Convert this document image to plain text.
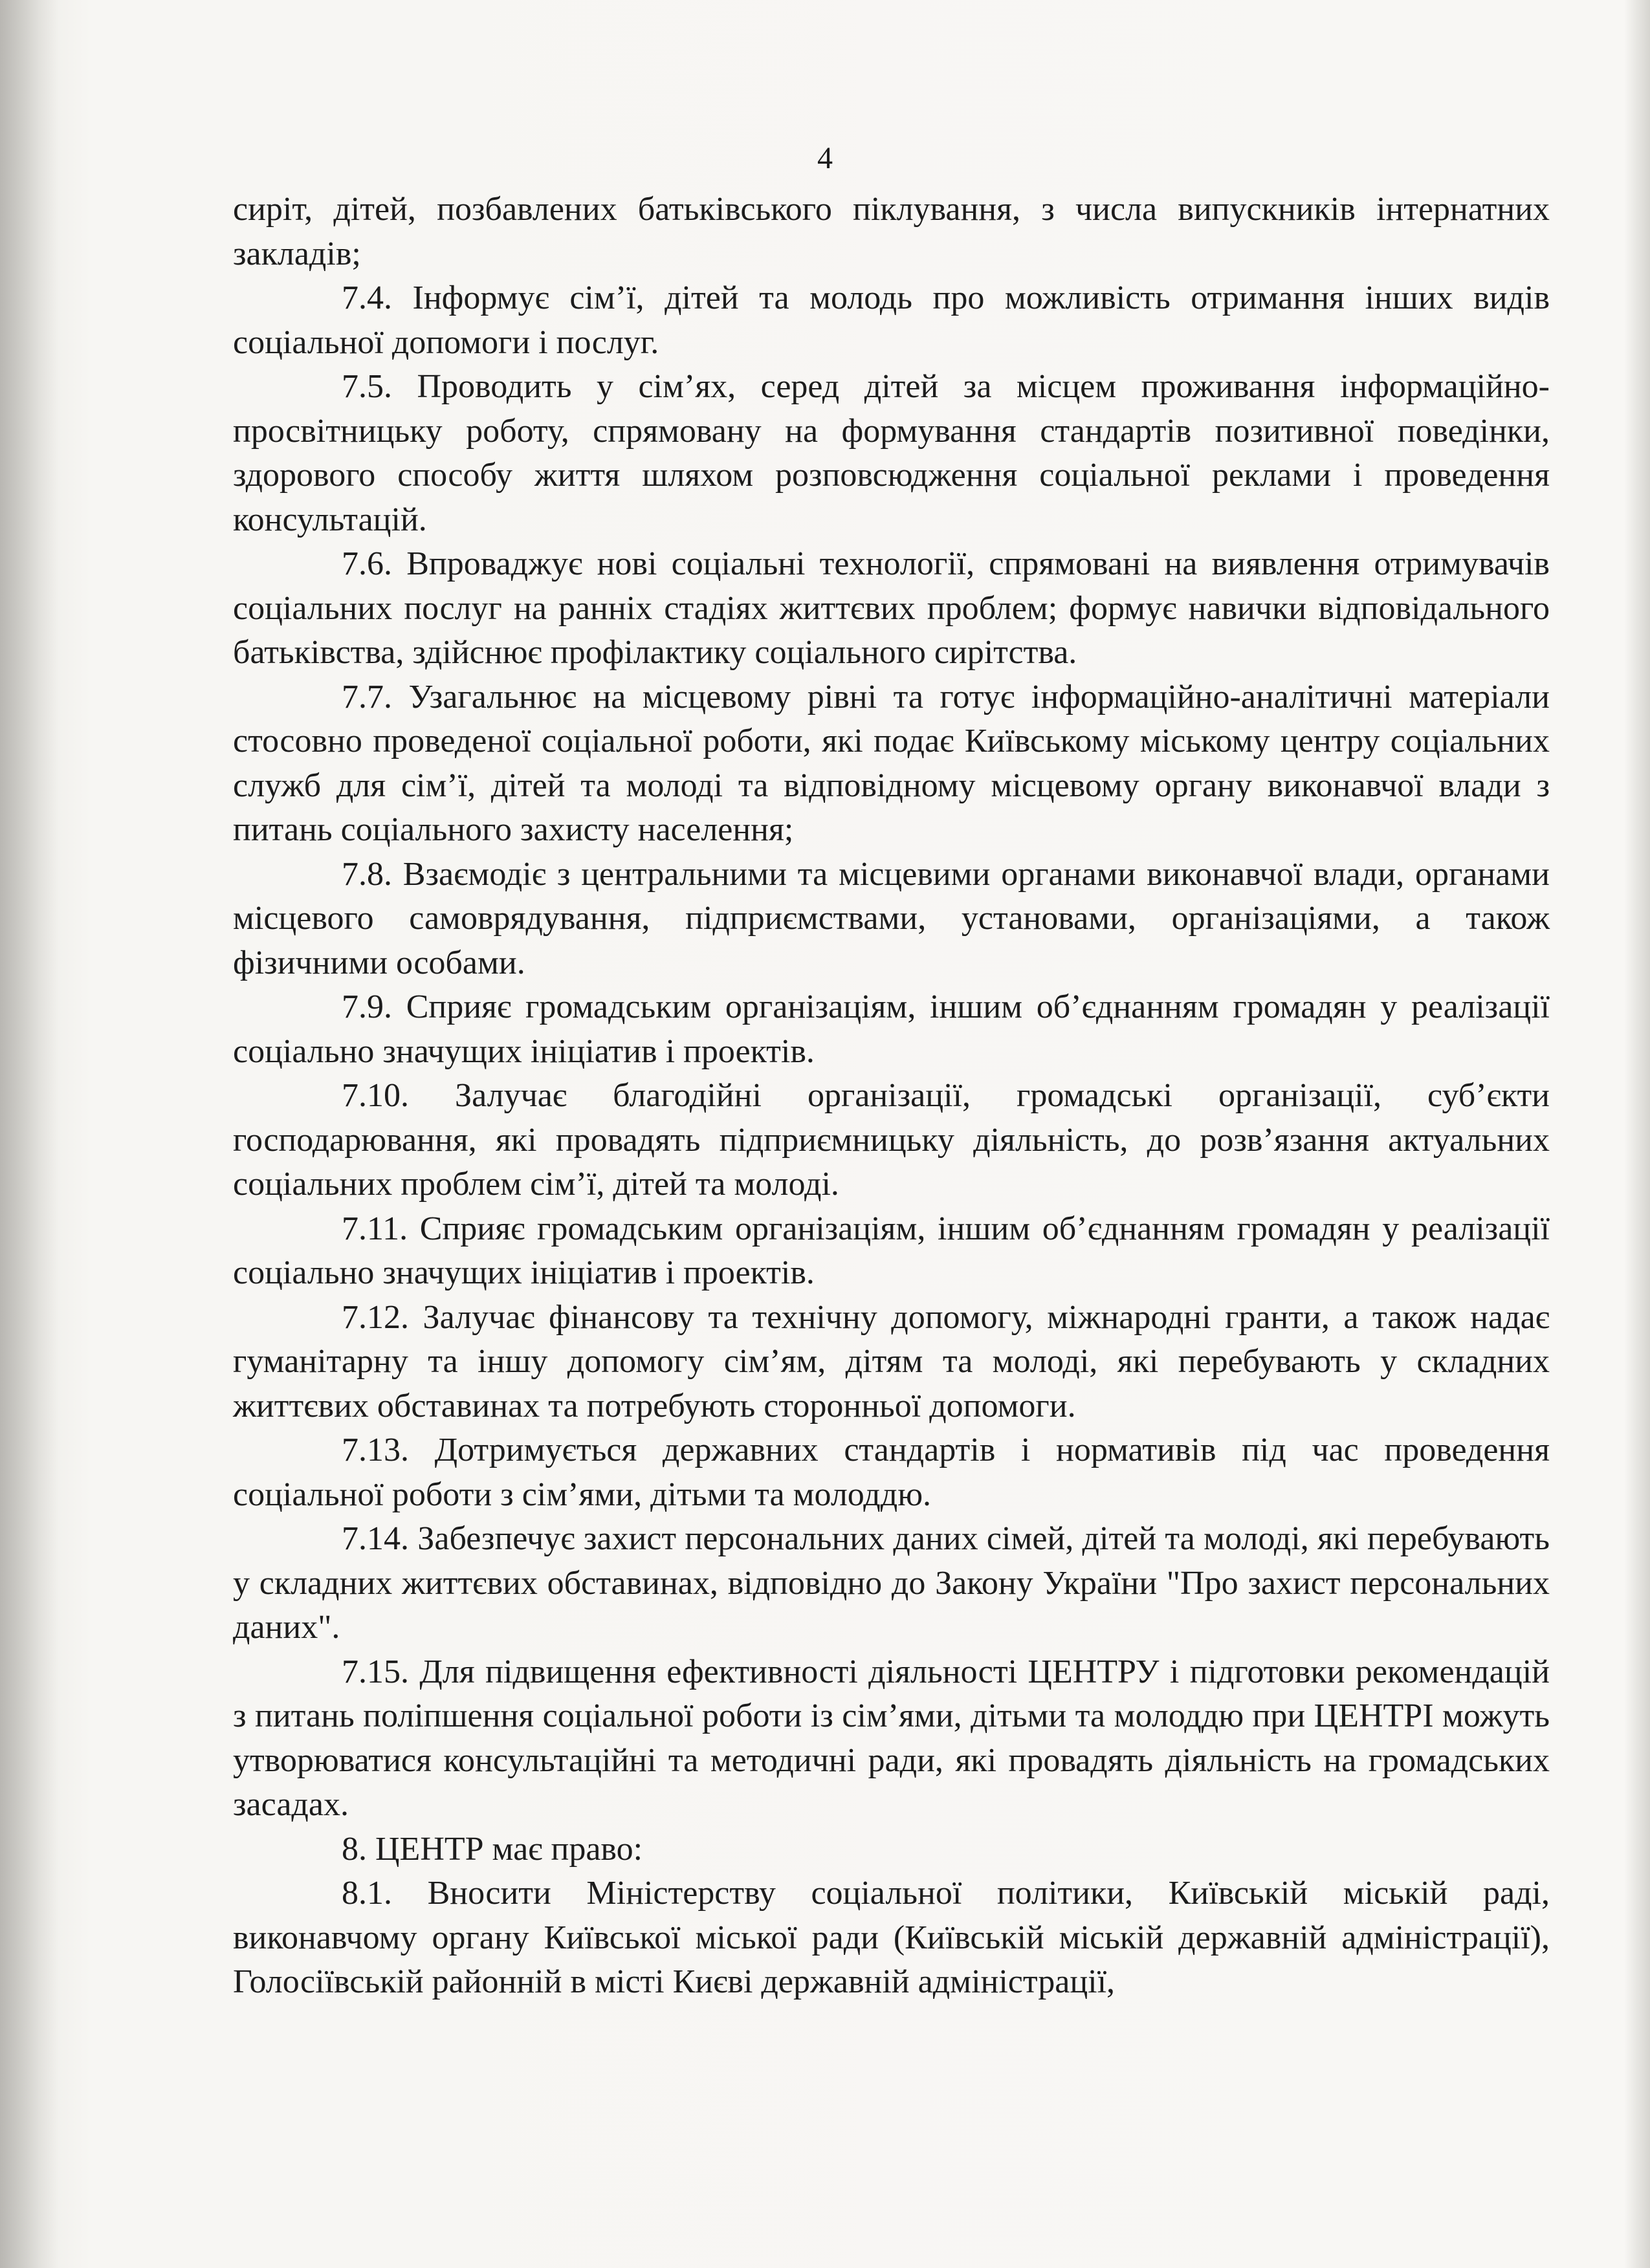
4

сиріт, дітей, позбавлених батьківського піклування, з числа випускників інтернатних закладів;

7.4. Інформує сім’ї, дітей та молодь про можливість отримання інших видів соціальної допомоги і послуг.

7.5. Проводить у сім’ях, серед дітей за місцем проживання інформаційно-просвітницьку роботу, спрямовану на формування стандартів позитивної поведінки, здорового способу життя шляхом розповсюдження соціальної реклами і проведення консультацій.

7.6. Впроваджує нові соціальні технології, спрямовані на виявлення отримувачів соціальних послуг на ранніх стадіях життєвих проблем; формує навички відповідального батьківства, здійснює профілактику соціального сирітства.

7.7. Узагальнює на місцевому рівні та готує інформаційно-аналітичні матеріали стосовно проведеної соціальної роботи, які подає Київському міському центру соціальних служб для сім’ї, дітей та молоді та відповідному місцевому органу виконавчої влади з питань соціального захисту населення;

7.8. Взаємодіє з центральними та місцевими органами виконавчої влади, органами місцевого самоврядування, підприємствами, установами, організаціями, а також фізичними особами.

7.9. Сприяє громадським організаціям, іншим об’єднанням громадян у реалізації соціально значущих ініціатив і проектів.

7.10. Залучає благодійні організації, громадські організації, суб’єкти господарювання, які провадять підприємницьку діяльність, до розв’язання актуальних соціальних проблем сім’ї, дітей та молоді.

7.11. Сприяє громадським організаціям, іншим об’єднанням громадян у реалізації соціально значущих ініціатив і проектів.

7.12. Залучає фінансову та технічну допомогу, міжнародні гранти, а також надає гуманітарну та іншу допомогу сім’ям, дітям та молоді, які перебувають у складних життєвих обставинах та потребують сторонньої допомоги.

7.13. Дотримується державних стандартів і нормативів під час проведення соціальної роботи з сім’ями, дітьми та молоддю.

7.14. Забезпечує захист персональних даних сімей, дітей та молоді, які перебувають у складних життєвих обставинах, відповідно до Закону України "Про захист персональних даних".

7.15. Для підвищення ефективності діяльності ЦЕНТРУ і підготовки рекомендацій з питань поліпшення соціальної роботи із сім’ями, дітьми та молоддю при ЦЕНТРІ можуть утворюватися консультаційні та методичні ради, які провадять діяльність на громадських засадах.

8. ЦЕНТР має право:

8.1. Вносити Міністерству соціальної політики, Київській міській раді, виконавчому органу Київської міської ради (Київській міській державній адміністрації), Голосіївській районній в місті Києві державній адміністрації,
